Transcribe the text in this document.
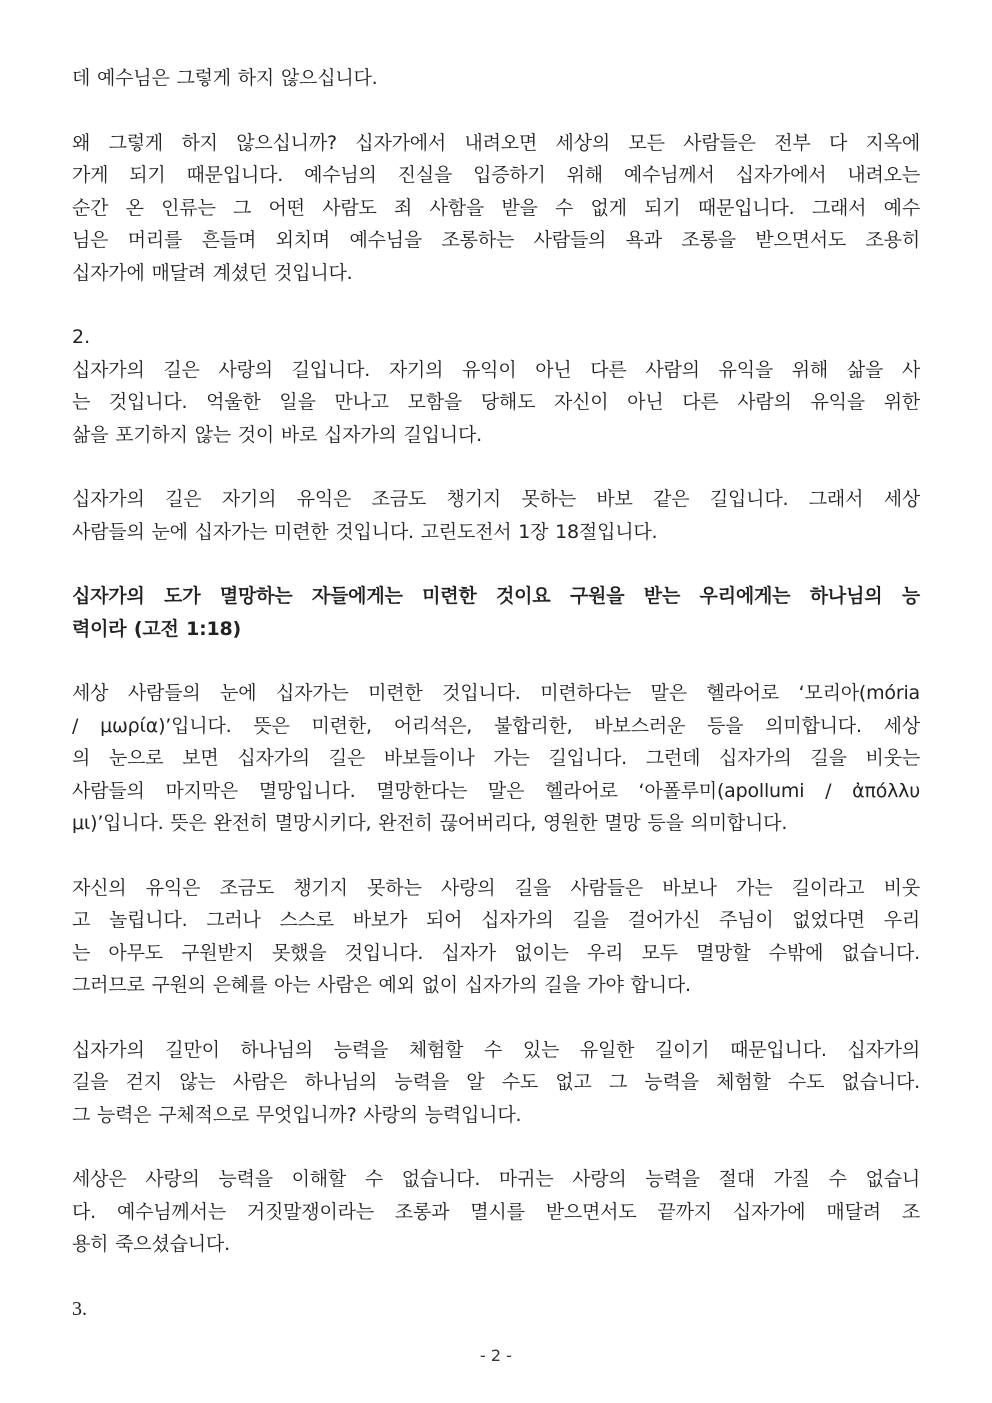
데 예수님은 그렇게 하지 않으십니다.

왜 그렇게 하지 않으십니까? 십자가에서 내려오면 세상의 모든 사람들은 전부 다 지옥에
가게 되기 때문입니다. 예수님의 진실을 입증하기 위해 예수님께서 십자가에서 내려오는
순간 온 인류는 그 어떤 사람도 죄 사함을 받을 수 없게 되기 때문입니다. 그래서 예수
님은 머리를 흔들며 외치며 예수님을 조롱하는 사람들의 욕과 조롱을 받으면서도 조용히
십자가에 매달려 계셨던 것입니다.

2.

십자가의 길은 사랑의 길입니다. 자기의 유익이 아닌 다른 사람의 유익을 위해 삶을 사
는 것입니다. 억울한 일을 만나고 모함을 당해도 자신이 아닌 다른 사람의 유익을 위한
삶을 포기하지 않는 것이 바로 십자가의 길입니다.

십자가의 길은 자기의 유익은 조금도 챙기지 못하는 바보 같은 길입니다. 그래서 세상
사람들의 눈에 십자가는 미련한 것입니다. 고린도전서 1장 18절입니다.

십자가의 도가 멸망하는 자들에게는 미련한 것이요 구원을 받는 우리에게는 하나님의 능
력이라 (고전 1:18)

세상 사람들의 눈에 십자가는 미련한 것입니다. 미련하다는 말은 헬라어로 ‘모리아(mória
/ μωρία)’입니다. 뜻은 미련한, 어리석은, 불합리한, 바보스러운 등을 의미합니다. 세상
의 눈으로 보면 십자가의 길은 바보들이나 가는 길입니다. 그런데 십자가의 길을 비웃는
사람들의 마지막은 멸망입니다. 멸망한다는 말은 헬라어로 ‘아폴루미(apollumi / ἀπόλλυ
μι)’입니다. 뜻은 완전히 멸망시키다, 완전히 끊어버리다, 영원한 멸망 등을 의미합니다.

자신의 유익은 조금도 챙기지 못하는 사랑의 길을 사람들은 바보나 가는 길이라고 비웃
고 놀립니다. 그러나 스스로 바보가 되어 십자가의 길을 걸어가신 주님이 없었다면 우리
는 아무도 구원받지 못했을 것입니다. 십자가 없이는 우리 모두 멸망할 수밖에 없습니다.
그러므로 구원의 은혜를 아는 사람은 예외 없이 십자가의 길을 가야 합니다.

십자가의 길만이 하나님의 능력을 체험할 수 있는 유일한 길이기 때문입니다. 십자가의
길을 걷지 않는 사람은 하나님의 능력을 알 수도 없고 그 능력을 체험할 수도 없습니다.
그 능력은 구체적으로 무엇입니까? 사랑의 능력입니다.

세상은 사랑의 능력을 이해할 수 없습니다. 마귀는 사랑의 능력을 절대 가질 수 없습니
다. 예수님께서는 거짓말쟁이라는 조롱과 멸시를 받으면서도 끝까지 십자가에 매달려 조
용히 죽으셨습니다.

3.

- 2 -
